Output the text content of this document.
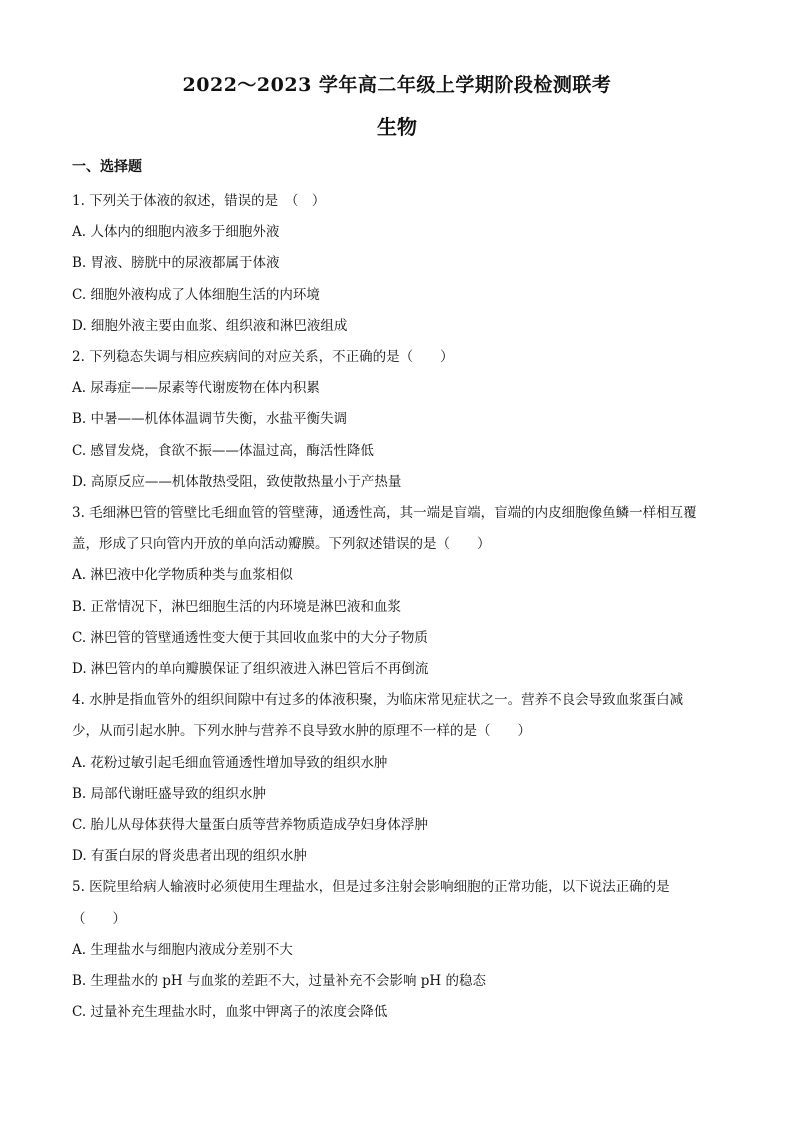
2022～2023 学年高二年级上学期阶段检测联考
生物
一、选择题

1. 下列关于体液的叙述，错误的是　（　）

A. 人体内的细胞内液多于细胞外液

B. 胃液、膀胱中的尿液都属于体液

C. 细胞外液构成了人体细胞生活的内环境

D. 细胞外液主要由血浆、组织液和淋巴液组成

2. 下列稳态失调与相应疾病间的对应关系，不正确的是（　　）

A. 尿毒症——尿素等代谢废物在体内积累

B. 中暑——机体体温调节失衡，水盐平衡失调

C. 感冒发烧，食欲不振——体温过高，酶活性降低

D. 高原反应——机体散热受阻，致使散热量小于产热量

3. 毛细淋巴管的管壁比毛细血管的管壁薄，通透性高，其一端是盲端，盲端的内皮细胞像鱼鳞一样相互覆

盖，形成了只向管内开放的单向活动瓣膜。下列叙述错误的是（　　）

A. 淋巴液中化学物质种类与血浆相似

B. 正常情况下，淋巴细胞生活的内环境是淋巴液和血浆

C. 淋巴管的管壁通透性变大便于其回收血浆中的大分子物质

D. 淋巴管内的单向瓣膜保证了组织液进入淋巴管后不再倒流

4. 水肿是指血管外的组织间隙中有过多的体液积聚，为临床常见症状之一。营养不良会导致血浆蛋白减

少，从而引起水肿。下列水肿与营养不良导致水肿的原理不一样的是（　　）

A. 花粉过敏引起毛细血管通透性增加导致的组织水肿

B. 局部代谢旺盛导致的组织水肿

C. 胎儿从母体获得大量蛋白质等营养物质造成孕妇身体浮肿

D. 有蛋白尿的肾炎患者出现的组织水肿

5. 医院里给病人输液时必须使用生理盐水，但是过多注射会影响细胞的正常功能，以下说法正确的是

（　　）

A. 生理盐水与细胞内液成分差别不大

B. 生理盐水的 pH 与血浆的差距不大，过量补充不会影响 pH 的稳态

C. 过量补充生理盐水时，血浆中钾离子的浓度会降低
